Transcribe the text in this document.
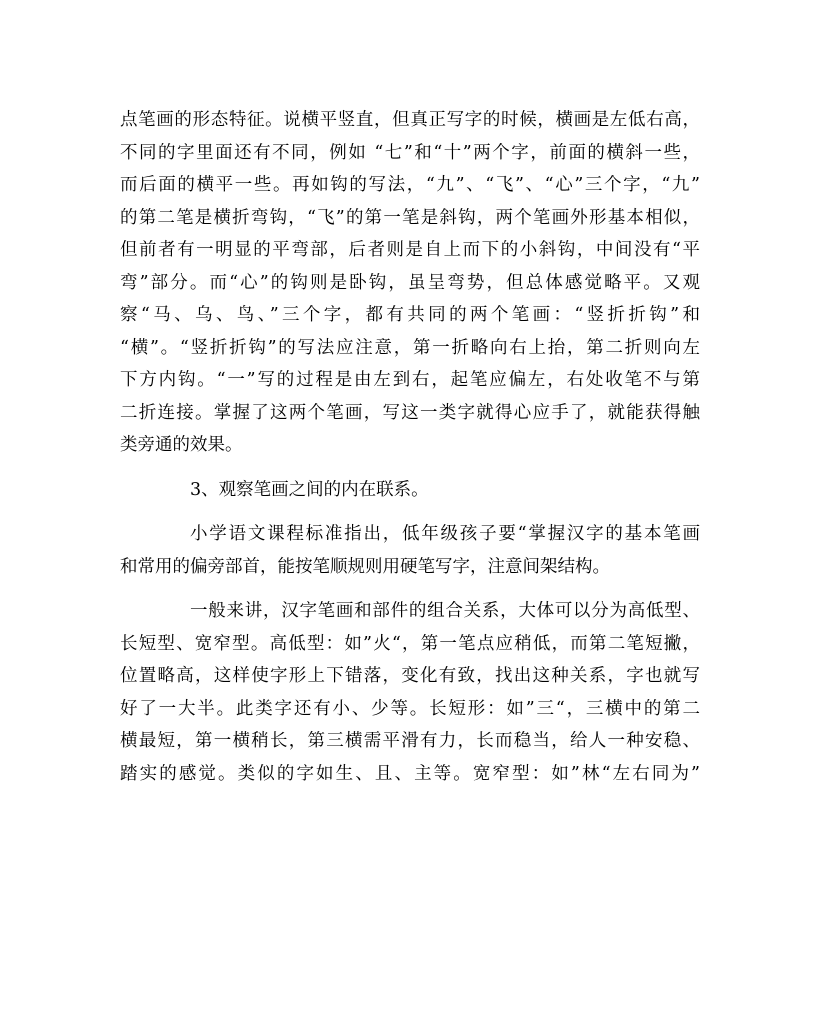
点笔画的形态特征。说横平竖直，但真正写字的时候，横画是左低右高，
不同的字里面还有不同，例如 “七”和“十”两个字，前面的横斜一些，
而后面的横平一些。再如钩的写法，“九”、“飞”、“心”三个字，“九”
的第二笔是横折弯钩，“飞”的第一笔是斜钩，两个笔画外形基本相似，
但前者有一明显的平弯部，后者则是自上而下的小斜钩，中间没有“平
弯”部分。而“心”的钩则是卧钩，虽呈弯势，但总体感觉略平。又观
察“马、乌、鸟、”三个字，都有共同的两个笔画：“竖折折钩”和
“横”。“竖折折钩”的写法应注意，第一折略向右上抬，第二折则向左
下方内钩。“一”写的过程是由左到右，起笔应偏左，右处收笔不与第
二折连接。掌握了这两个笔画，写这一类字就得心应手了，就能获得触
类旁通的效果。
3、观察笔画之间的内在联系。
小学语文课程标准指出，低年级孩子要“掌握汉字的基本笔画
和常用的偏旁部首，能按笔顺规则用硬笔写字，注意间架结构。
一般来讲，汉字笔画和部件的组合关系，大体可以分为高低型、
长短型、宽窄型。高低型：如”火“，第一笔点应稍低，而第二笔短撇，
位置略高，这样使字形上下错落，变化有致，找出这种关系，字也就写
好了一大半。此类字还有小、少等。长短形：如”三“，三横中的第二
横最短，第一横稍长，第三横需平滑有力，长而稳当，给人一种安稳、
踏实的感觉。类似的字如生、且、主等。宽窄型：如”林“左右同为”
